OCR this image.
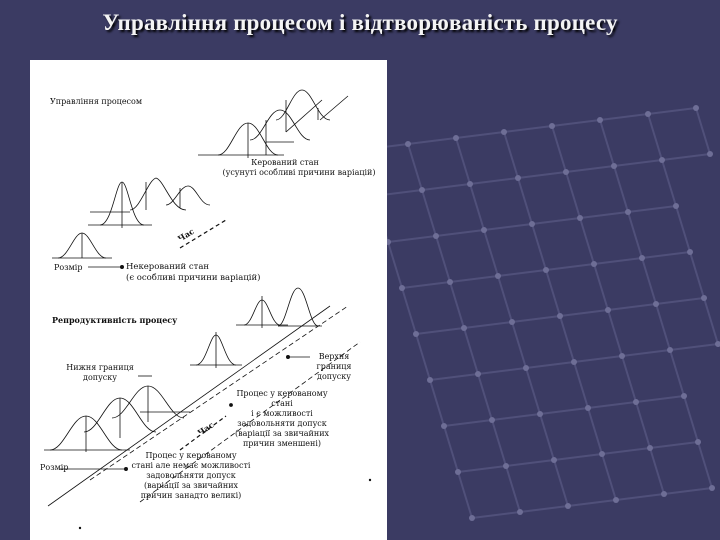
Управління процесом і відтворюваність процесу
Час
Час
Управління процесом
Керований стан
(усунуті особливі причини варіацій)
Розмір	Некерований стан
(є особливі причини варіацій)
Репродуктивність процесу
Нижня границя
допуску
Верхня
границя
допуску
Процес у керованому
стані
і є можливості
задовольняти допуск
(варіації за звичайних
причин зменшені)
Розмір
Процес у керованому
стані але немає можливості
задовольняти допуск
(варіації за звичайних
причин занадто великі)
